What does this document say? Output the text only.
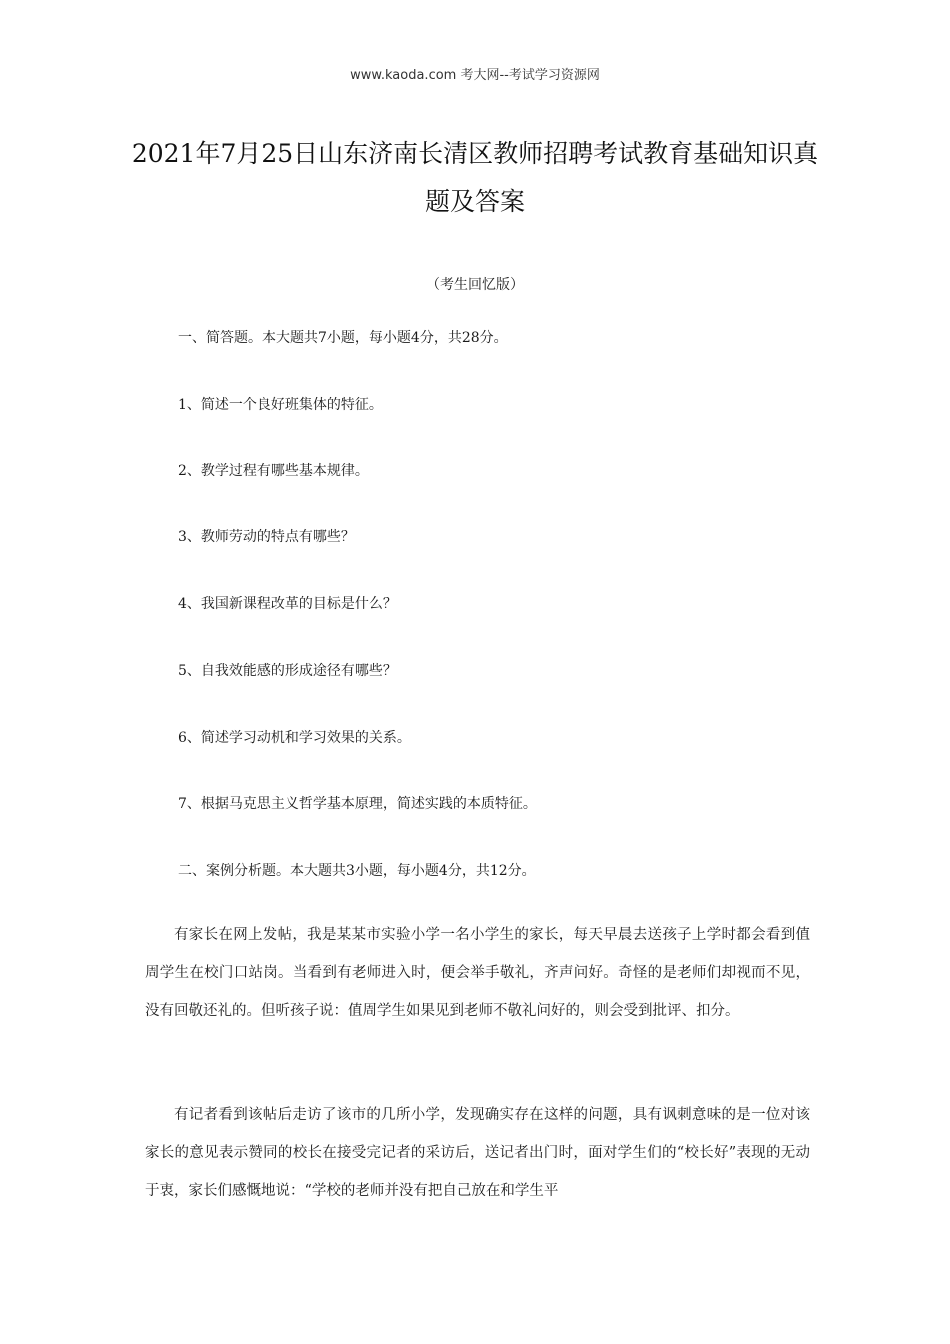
www.kaoda.com 考大网--考试学习资源网
2021年7月25日山东济南长清区教师招聘考试教育基础知识真题及答案
（考生回忆版）
一、简答题。本大题共7小题，每小题4分，共28分。
1、简述一个良好班集体的特征。
2、教学过程有哪些基本规律。
3、教师劳动的特点有哪些？
4、我国新课程改革的目标是什么？
5、自我效能感的形成途径有哪些？
6、简述学习动机和学习效果的关系。
7、根据马克思主义哲学基本原理，简述实践的本质特征。
二、案例分析题。本大题共3小题，每小题4分，共12分。
有家长在网上发帖，我是某某市实验小学一名小学生的家长，每天早晨去送孩子上学时都会看到值周学生在校门口站岗。当看到有老师进入时，便会举手敬礼，齐声问好。奇怪的是老师们却视而不见，没有回敬还礼的。但听孩子说：值周学生如果见到老师不敬礼问好的，则会受到批评、扣分。
有记者看到该帖后走访了该市的几所小学，发现确实存在这样的问题，具有讽刺意味的是一位对该家长的意见表示赞同的校长在接受完记者的采访后，送记者出门时，面对学生们的“校长好”表现的无动于衷，家长们感慨地说：“学校的老师并没有把自己放在和学生平
